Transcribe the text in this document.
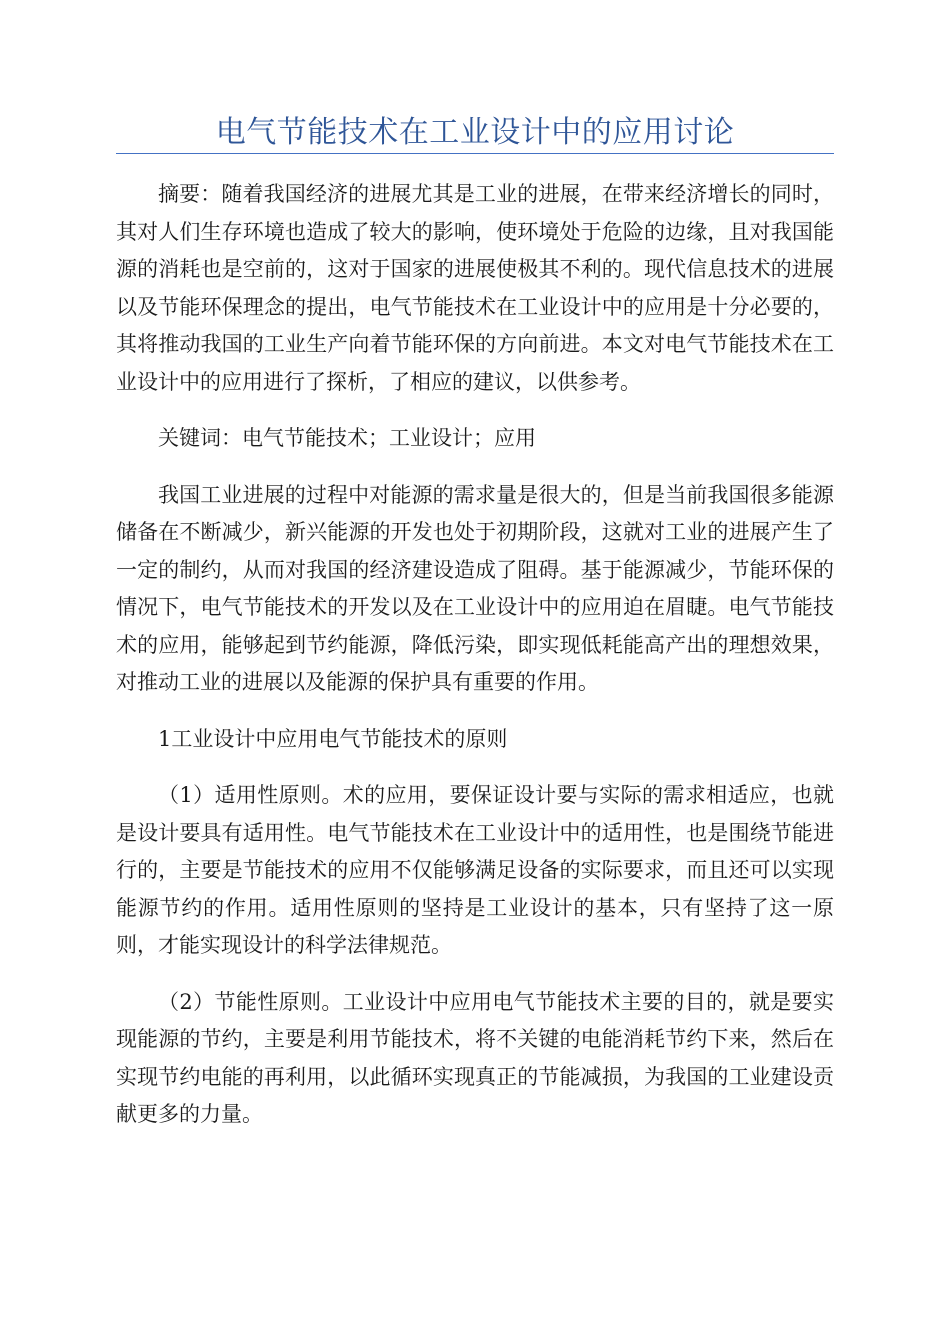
电气节能技术在工业设计中的应用讨论

摘要：随着我国经济的进展尤其是工业的进展，在带来经济增长的同时，其对人们生存环境也造成了较大的影响，使环境处于危险的边缘，且对我国能源的消耗也是空前的，这对于国家的进展使极其不利的。现代信息技术的进展以及节能环保理念的提出，电气节能技术在工业设计中的应用是十分必要的，其将推动我国的工业生产向着节能环保的方向前进。本文对电气节能技术在工业设计中的应用进行了探析，了相应的建议，以供参考。

关键词：电气节能技术；工业设计；应用

我国工业进展的过程中对能源的需求量是很大的，但是当前我国很多能源储备在不断减少，新兴能源的开发也处于初期阶段，这就对工业的进展产生了一定的制约，从而对我国的经济建设造成了阻碍。基于能源减少，节能环保的情况下，电气节能技术的开发以及在工业设计中的应用迫在眉睫。电气节能技术的应用，能够起到节约能源，降低污染，即实现低耗能高产出的理想效果，对推动工业的进展以及能源的保护具有重要的作用。

1工业设计中应用电气节能技术的原则

（1）适用性原则。术的应用，要保证设计要与实际的需求相适应，也就是设计要具有适用性。电气节能技术在工业设计中的适用性，也是围绕节能进行的，主要是节能技术的应用不仅能够满足设备的实际要求，而且还可以实现能源节约的作用。适用性原则的坚持是工业设计的基本，只有坚持了这一原则，才能实现设计的科学法律规范。

（2）节能性原则。工业设计中应用电气节能技术主要的目的，就是要实现能源的节约，主要是利用节能技术，将不关键的电能消耗节约下来，然后在实现节约电能的再利用，以此循环实现真正的节能减损，为我国的工业建设贡献更多的力量。
